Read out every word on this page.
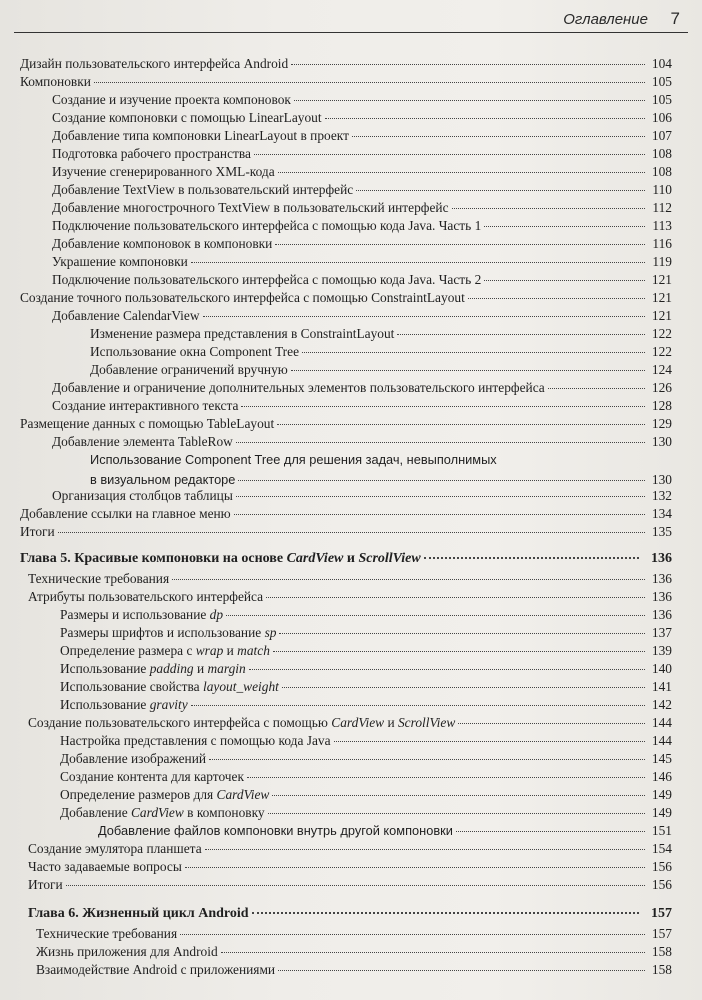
Оглавление 7
Дизайн пользовательского интерфейса Android	104
Компоновки	105
Создание и изучение проекта компоновок	105
Создание компоновки с помощью LinearLayout	106
Добавление типа компоновки LinearLayout в проект	107
Подготовка рабочего пространства	108
Изучение сгенерированного XML-кода	108
Добавление TextView в пользовательский интерфейс	110
Добавление многострочного TextView в пользовательский интерфейс	112
Подключение пользовательского интерфейса с помощью кода Java. Часть 1	113
Добавление компоновок в компоновки	116
Украшение компоновки	119
Подключение пользовательского интерфейса с помощью кода Java. Часть 2	121
Создание точного пользовательского интерфейса с помощью ConstraintLayout	121
Добавление CalendarView	121
Изменение размера представления в ConstraintLayout	122
Использование окна Component Tree	122
Добавление ограничений вручную	124
Добавление и ограничение дополнительных элементов пользовательского интерфейса	126
Создание интерактивного текста	128
Размещение данных с помощью TableLayout	129
Добавление элемента TableRow	130
Использование Component Tree для решения задач, невыполнимых
в визуальном редакторе	130
Организация столбцов таблицы	132
Добавление ссылки на главное меню	134
Итоги	135
Глава 5. Красивые компоновки на основе CardView и ScrollView	136
Технические требования	136
Атрибуты пользовательского интерфейса	136
Размеры и использование dp	136
Размеры шрифтов и использование sp	137
Определение размера с wrap и match	139
Использование padding и margin	140
Использование свойства layout_weight	141
Использование gravity	142
Создание пользовательского интерфейса с помощью CardView и ScrollView	144
Настройка представления с помощью кода Java	144
Добавление изображений	145
Создание контента для карточек	146
Определение размеров для CardView	149
Добавление CardView в компоновку	149
Добавление файлов компоновки внутрь другой компоновки	151
Создание эмулятора планшета	154
Часто задаваемые вопросы	156
Итоги	156
Глава 6. Жизненный цикл Android	157
Технические требования	157
Жизнь приложения для Android	158
Взаимодействие Android с приложениями	158
